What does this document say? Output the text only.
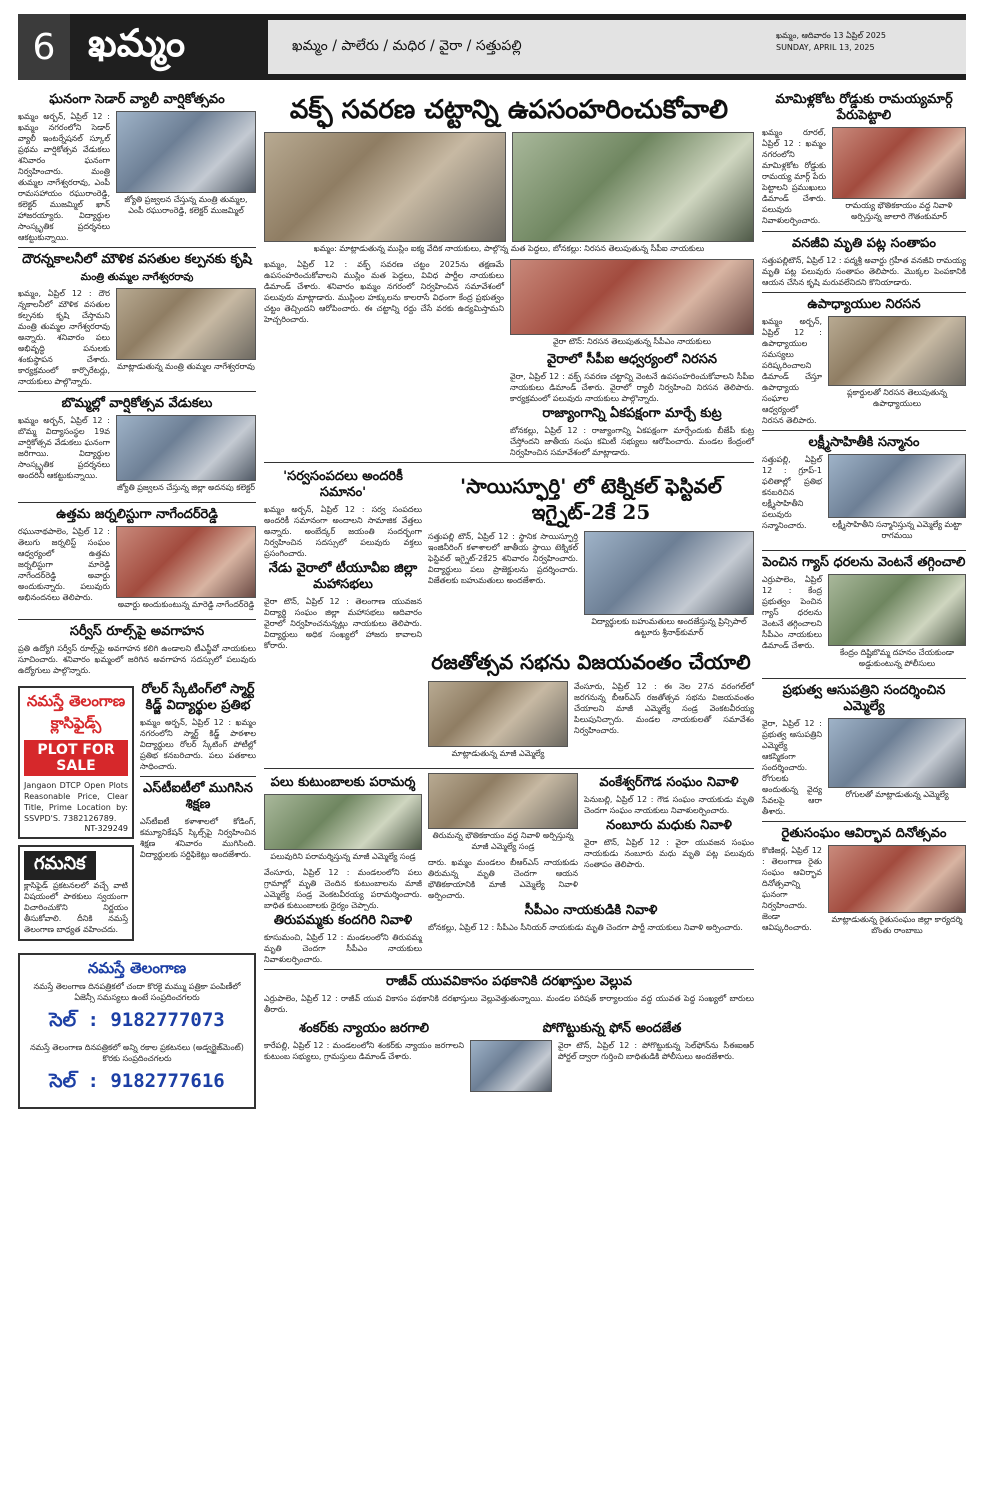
6 ఖమ్మం	ఖమ్మం / పాలేరు / మధిర / వైరా / సత్తుపల్లి
ఖమ్మం, ఆదివారం 13 ఏప్రిల్ 2025
SUNDAY, APRIL 13, 2025
ఘనంగా సెడార్ వ్యాలీ వార్షికోత్సవం
ఖమ్మం అర్బన్, ఏప్రిల్ 12 : ఖమ్మం నగరంలోని సెడార్ వ్యాలీ ఇంటర్నేషనల్ స్కూల్ ప్రథమ వార్షికోత్సవ వేడుకలు శనివారం ఘనంగా నిర్వహించారు. మంత్రి తుమ్మల నాగేశ్వరరావు, ఎంపీ రామసహాయం రఘురాంరెడ్డి, కలెక్టర్ ముజమ్మిల్ ఖాన్ హాజరయ్యారు. విద్యార్థుల సాంస్కృతిక ప్రదర్శనలు ఆకట్టుకున్నాయి.
జ్యోతి ప్రజ్వలన చేస్తున్న మంత్రి తుమ్మల, ఎంపీ రఘురాంరెడ్డి, కలెక్టర్ ముజమ్మిల్
దౌరన్నకాలనీలో మౌళిక వసతుల కల్పనకు కృషి
మంత్రి తుమ్మల నాగేశ్వరరావు
ఖమ్మం, ఏప్రిల్ 12 : దౌర న్నకాలనీలో మౌళిక వసతుల కల్పనకు కృషి చేస్తామని మంత్రి తుమ్మల నాగేశ్వరరావు అన్నారు. శనివారం పలు అభివృద్ధి పనులకు శంకుస్థాపన చేశారు. కార్యక్రమంలో కార్పొరేటర్లు, నాయకులు పాల్గొన్నారు.
మాట్లాడుతున్న మంత్రి తుమ్మల నాగేశ్వరరావు
బొమ్మల్లో వార్షికోత్సవ వేడుకలు
ఖమ్మం అర్బన్, ఏప్రిల్ 12 : బొమ్మ విద్యాసంస్థల 19వ వార్షికోత్సవ వేడుకలు ఘనంగా జరిగాయి. విద్యార్థుల సాంస్కృతిక ప్రదర్శనలు అందరినీ ఆకట్టుకున్నాయి.
జ్యోతి ప్రజ్వలన చేస్తున్న జిల్లా అదనపు కలెక్టర్
ఉత్తమ జర్నలిస్టుగా నాగేందర్‌రెడ్డి
రఘునాథపాలెం, ఏప్రిల్ 12 : తెలుగు జర్నలిస్ట్ సంఘం ఆధ్వర్యంలో ఉత్తమ జర్నలిస్టుగా మారెడ్డి నాగేందర్‌రెడ్డి అవార్డు అందుకున్నారు. పలువురు అభినందనలు తెలిపారు.
అవార్డు అందుకుంటున్న మారెడ్డి నాగేందర్‌రెడ్డి
సర్వీస్ రూల్స్‌పై అవగాహన
ప్రతి ఉద్యోగి సర్వీస్ రూల్స్‌పై అవగాహన కలిగి ఉండాలని టీఎన్జీవో నాయకులు సూచించారు. శనివారం ఖమ్మంలో జరిగిన అవగాహన సదస్సులో పలువురు ఉద్యోగులు పాల్గొన్నారు.
నమస్తే తెలంగాణ క్లాసిఫైడ్స్
PLOT FOR SALE
Jangaon DTCP Open Plots Reasonable Price, Clear Title, Prime Location by: SSVPD'S. 7382126789.
NT-329249
గమనిక
క్లాసిఫైడ్ ప్రకటనలలో వచ్చే వాటి విషయంలో పాఠకులు స్వయంగా విచారించుకొని నిర్ణయం తీసుకోవాలి. దీనికి నమస్తే తెలంగాణ బాధ్యత వహించదు.
రోలర్ స్కేటింగ్‌లో స్మార్ట్ కిడ్జ్ విద్యార్థుల ప్రతిభ
ఖమ్మం అర్బన్, ఏప్రిల్ 12 : ఖమ్మం నగరంలోని స్మార్ట్ కిడ్జ్ పాఠశాల విద్యార్థులు రోలర్ స్కేటింగ్ పోటీల్లో ప్రతిభ కనబరిచారు. పలు పతకాలు సాధించారు.
ఎస్‌టీఐటీలో ముగిసిన శిక్షణ
ఎస్‌టీఐటీ కళాశాలలో కోడింగ్, కమ్యూనికేషన్ స్కిల్స్‌పై నిర్వహించిన శిక్షణ శనివారం ముగిసింది. విద్యార్థులకు సర్టిఫికెట్లు అందజేశారు.
నమస్తే తెలంగాణ
నమస్తే తెలంగాణ దినపత్రికలో చందా కొరకై మమ్ము పత్రికా పంపిణీలో ఏజెన్సీ సమస్యలు ఉంటే సంప్రదించగలరు
సెల్ : 9182777073
నమస్తే తెలంగాణ దినపత్రికలో అన్ని రకాల ప్రకటనలు (అడ్వర్టైజ్‌మెంట్) కొరకు సంప్రదించగలరు
సెల్ : 9182777616
వక్ఫ్ సవరణ చట్టాన్ని ఉపసంహరించుకోవాలి
ఖమ్మం: మాట్లాడుతున్న ముస్లిం ఐక్య వేదిక నాయకులు, పాల్గొన్న మత పెద్దలు, బోనకల్లు: నిరసన తెలుపుతున్న సీపీఐ నాయకులు
ఖమ్మం, ఏప్రిల్ 12 : వక్ఫ్ సవరణ చట్టం 2025ను తక్షణమే ఉపసంహరించుకోవాలని ముస్లిం మత పెద్దలు, వివిధ పార్టీల నాయకులు డిమాండ్ చేశారు. శనివారం ఖమ్మం నగరంలో నిర్వహించిన సమావేశంలో పలువురు మాట్లాడారు. ముస్లింల హక్కులను కాలరాసే విధంగా కేంద్ర ప్రభుత్వం చట్టం తెచ్చిందని ఆరోపించారు. ఈ చట్టాన్ని రద్దు చేసే వరకు ఉద్యమిస్తామని హెచ్చరించారు.
వైరా టౌన్: నిరసన తెలుపుతున్న సీపీఎం నాయకులు
వైరాలో సీపీఐ ఆధ్వర్యంలో నిరసన
వైరా, ఏప్రిల్ 12 : వక్ఫ్ సవరణ చట్టాన్ని వెంటనే ఉపసంహరించుకోవాలని సీపీఐ నాయకులు డిమాండ్ చేశారు. వైరాలో ర్యాలీ నిర్వహించి నిరసన తెలిపారు. కార్యక్రమంలో పలువురు నాయకులు పాల్గొన్నారు.
రాజ్యాంగాన్ని ఏకపక్షంగా మార్చే కుట్ర
బోనకల్లు, ఏప్రిల్ 12 : రాజ్యాంగాన్ని ఏకపక్షంగా మార్చేందుకు బీజేపీ కుట్ర చేస్తోందని జాతీయ సంఘ కమిటీ సభ్యులు ఆరోపించారు. మండల కేంద్రంలో నిర్వహించిన సమావేశంలో మాట్లాడారు.
'సర్వసంపదలు అందరికీ సమానం'
ఖమ్మం అర్బన్, ఏప్రిల్ 12 : సర్వ సంపదలు అందరికీ సమానంగా అందాలని సామాజిక వేత్తలు అన్నారు. అంబేద్కర్ జయంతి సందర్భంగా నిర్వహించిన సదస్సులో పలువురు వక్తలు ప్రసంగించారు.
నేడు వైరాలో టీయూవీఐ జిల్లా మహాసభలు
వైరా టౌన్, ఏప్రిల్ 12 : తెలంగాణ యువజన విద్యార్థి సంఘం జిల్లా మహాసభలు ఆదివారం వైరాలో నిర్వహించనున్నట్లు నాయకులు తెలిపారు. విద్యార్థులు అధిక సంఖ్యలో హాజరు కావాలని కోరారు.
'సాయిస్ఫూర్తి' లో టెక్నికల్ ఫెస్టివల్ ఇగ్నైట్-2కే 25
సత్తుపల్లి టౌన్, ఏప్రిల్ 12 : స్థానిక సాయిస్ఫూర్తి ఇంజినీరింగ్ కళాశాలలో జాతీయ స్థాయి టెక్నికల్ ఫెస్టివల్ ఇగ్నైట్-2కే25 శనివారం నిర్వహించారు. విద్యార్థులు పలు ప్రాజెక్టులను ప్రదర్శించారు. విజేతలకు బహుమతులు అందజేశారు.
విద్యార్థులకు బహుమతులు అందజేస్తున్న ప్రిన్సిపాల్ ఉట్టూరు శ్రీనాథ్‌కుమార్
రజతోత్సవ సభను విజయవంతం చేయాలి
మాట్లాడుతున్న మాజీ ఎమ్మెల్యే
వేంసూరు, ఏప్రిల్ 12 : ఈ నెల 27న వరంగల్‌లో జరగనున్న బీఆర్‌ఎస్ రజతోత్సవ సభను విజయవంతం చేయాలని మాజీ ఎమ్మెల్యే సండ్ర వెంకటవీరయ్య పిలుపునిచ్చారు. మండల నాయకులతో సమావేశం నిర్వహించారు.
పలు కుటుంబాలకు పరామర్శ
పలువురిని పరామర్శిస్తున్న మాజీ ఎమ్మెల్యే సండ్ర
వేంసూరు, ఏప్రిల్ 12 : మండలంలోని పలు గ్రామాల్లో మృతి చెందిన కుటుంబాలను మాజీ ఎమ్మెల్యే సండ్ర వెంకటవీరయ్య పరామర్శించారు. బాధిత కుటుంబాలకు ధైర్యం చెప్పారు.
తిరుపమ్మకు కందగిరి నివాళి
కూసుమంచి, ఏప్రిల్ 12 : మండలంలోని తిరుపమ్మ మృతి చెందగా సీపీఎం నాయకులు నివాళులర్పించారు.
తిరుమన్న భౌతికకాయం వద్ద నివాళి అర్పిస్తున్న మాజీ ఎమ్మెల్యే సండ్ర
దారు. ఖమ్మం మండలం బీఆర్ఎస్ నాయకుడు తిరుమన్న మృతి చెందగా ఆయన భౌతికకాయానికి మాజీ ఎమ్మెల్యే నివాళి అర్పించారు.
వంకేశ్వర్‌గౌడ సంఘం నివాళి
పెనుబల్లి, ఏప్రిల్ 12 : గౌడ సంఘం నాయకుడు మృతి చెందగా సంఘం నాయకులు నివాళులర్పించారు.
నంబూరు మధుకు నివాళి
వైరా టౌన్, ఏప్రిల్ 12 : వైరా యువజన సంఘం నాయకుడు నంబూరు మధు మృతి పట్ల పలువురు సంతాపం తెలిపారు.
సీపీఎం నాయకుడికి నివాళి
బోనకల్లు, ఏప్రిల్ 12 : సీపీఎం సీనియర్ నాయకుడు మృతి చెందగా పార్టీ నాయకులు నివాళి అర్పించారు.
రాజీవ్ యువవికాసం పథకానికి దరఖాస్తుల వెల్లువ
ఎర్రుపాలెం, ఏప్రిల్ 12 : రాజీవ్ యువ వికాసం పథకానికి దరఖాస్తులు వెల్లువెత్తుతున్నాయి. మండల పరిషత్ కార్యాలయం వద్ద యువత పెద్ద సంఖ్యలో బారులు తీరారు.
శంకర్‌కు న్యాయం జరగాలి
కారేపల్లి, ఏప్రిల్ 12 : మండలంలోని శంకర్‌కు న్యాయం జరగాలని కుటుంబ సభ్యులు, గ్రామస్తులు డిమాండ్ చేశారు.
పోగొట్టుకున్న ఫోన్ అందజేత
వైరా టౌన్, ఏప్రిల్ 12 : పోగొట్టుకున్న సెల్‌ఫోన్‌ను సీఈఐఆర్ పోర్టల్ ద్వారా గుర్తించి బాధితుడికి పోలీసులు అందజేశారు.
మామిళ్లకోట రోడ్డుకు రామయ్యమార్గ్ పేరుపెట్టాలి
ఖమ్మం రూరల్, ఏప్రిల్ 12 : ఖమ్మం నగరంలోని మామిళ్లకోట రోడ్డుకు రామయ్య మార్గ్ పేరు పెట్టాలని ప్రముఖులు డిమాండ్ చేశారు. పలువురు నివాళులర్పించారు.
రామయ్య భౌతికకాయం వద్ద నివాళి అర్పిస్తున్న జాలారి గౌతంకుమార్
వనజీవి మృతి పట్ల సంతాపం
సత్తుపల్లిటౌన్, ఏప్రిల్ 12 : పద్మశ్రీ అవార్డు గ్రహీత వనజీవి రామయ్య మృతి పట్ల పలువురు సంతాపం తెలిపారు. మొక్కల పెంపకానికి ఆయన చేసిన కృషి మరువలేనిదని కొనియాడారు.
ఉపాధ్యాయుల నిరసన
ఖమ్మం అర్బన్, ఏప్రిల్ 12 : ఉపాధ్యాయుల సమస్యలు పరిష్కరించాలని డిమాండ్ చేస్తూ ఉపాధ్యాయ సంఘాల ఆధ్వర్యంలో నిరసన తెలిపారు.
ప్లకార్డులతో నిరసన తెలుపుతున్న ఉపాధ్యాయులు
లక్ష్మీసాహితీకి సన్మానం
సత్తుపల్లి, ఏప్రిల్ 12 : గ్రూప్-1 ఫలితాల్లో ప్రతిభ కనబరిచిన లక్ష్మీసాహితీని పలువురు సన్మానించారు.	లక్ష్మీసాహితీని సన్మానిస్తున్న ఎమ్మెల్యే మట్టా రాగమయి
పెంచిన గ్యాస్ ధరలను వెంటనే తగ్గించాలి
ఎర్రుపాలెం, ఏప్రిల్ 12 : కేంద్ర ప్రభుత్వం పెంచిన గ్యాస్ ధరలను వెంటనే తగ్గించాలని సీపీఎం నాయకులు డిమాండ్ చేశారు.
కేంద్రం దిష్టిబొమ్మ దహనం చేయకుండా అడ్డుకుంటున్న పోలీసులు
ప్రభుత్వ ఆసుపత్రిని సందర్శించిన ఎమ్మెల్యే
వైరా, ఏప్రిల్ 12 : ప్రభుత్వ ఆసుపత్రిని ఎమ్మెల్యే ఆకస్మికంగా సందర్శించారు. రోగులకు అందుతున్న వైద్య సేవలపై ఆరా తీశారు.
రోగులతో మాట్లాడుతున్న ఎమ్మెల్యే
రైతుసంఘం ఆవిర్భావ దినోత్సవం
కొణిజర్ల, ఏప్రిల్ 12 : తెలంగాణ రైతు సంఘం ఆవిర్భావ దినోత్సవాన్ని ఘనంగా నిర్వహించారు. జెండా ఆవిష్కరించారు.
మాట్లాడుతున్న రైతుసంఘం జిల్లా కార్యదర్శి బొంతు రాంబాబు
